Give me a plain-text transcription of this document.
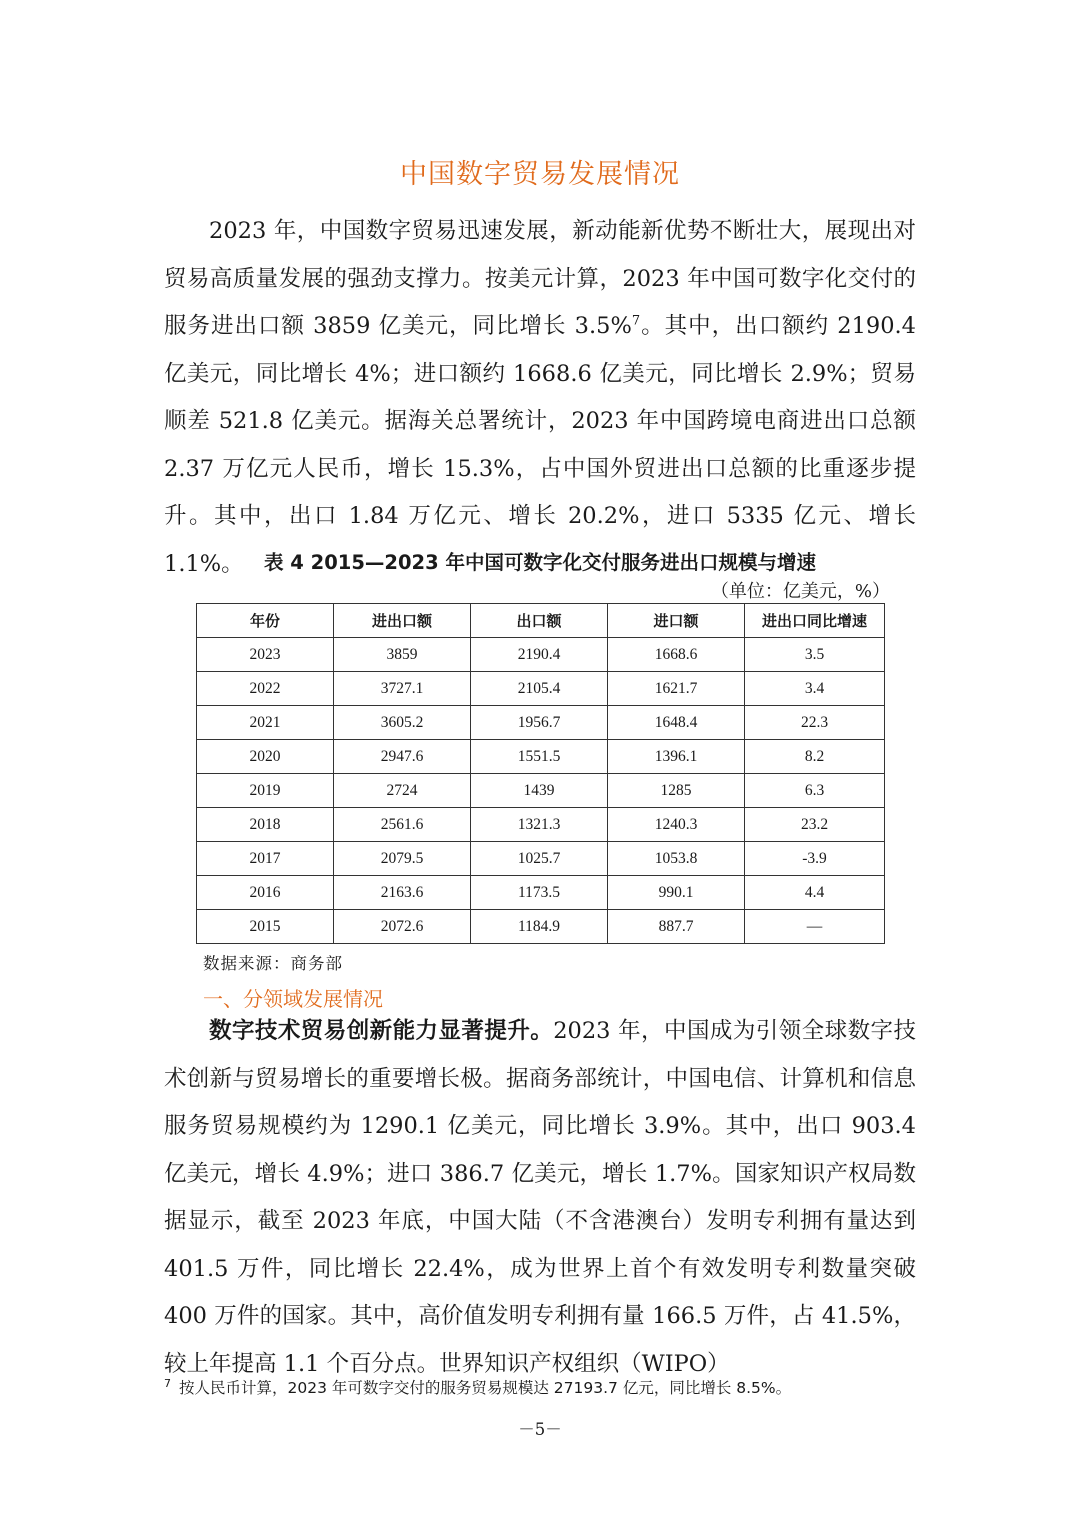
中国数字贸易发展情况

2023 年，中国数字贸易迅速发展，新动能新优势不断壮大，展现出对贸易高质量发展的强劲支撑力。按美元计算，2023 年中国可数字化交付的服务进出口额 3859 亿美元，同比增长 3.5%$^7$。其中，出口额约 2190.4 亿美元，同比增长 4%；进口额约 1668.6 亿美元，同比增长 2.9%；贸易顺差 521.8 亿美元。据海关总署统计，2023 年中国跨境电商进出口总额 2.37 万亿元人民币，增长 15.3%，占中国外贸进出口总额的比重逐步提升。其中，出口 1.84 万亿元、增长 20.2%，进口 5335 亿元、增长 1.1%。	表 4 2015—2023 年中国可数字化交付服务进出口规模与增速
（单位：亿美元，%）
年份	进出口额	出口额	进口额	进出口同比增速
2023	3859	2190.4	1668.6	3.5
2022	3727.1	2105.4	1621.7	3.4
2021	3605.2	1956.7	1648.4	22.3
2020	2947.6	1551.5	1396.1	8.2
2019	2724	1439	1285	6.3
2018	2561.6	1321.3	1240.3	23.2
2017	2079.5	1025.7	1053.8	-3.9
2016	2163.6	1173.5	990.1	4.4
2015	2072.6	1184.9	887.7	—
数据来源：商务部
一、分领域发展情况

数字技术贸易创新能力显著提升。2023 年，中国成为引领全球数字技术创新与贸易增长的重要增长极。据商务部统计，中国电信、计算机和信息服务贸易规模约为 1290.1 亿美元，同比增长 3.9%。其中，出口 903.4 亿美元，增长 4.9%；进口 386.7 亿美元，增长 1.7%。国家知识产权局数据显示，截至 2023 年底，中国大陆（不含港澳台）发明专利拥有量达到 401.5 万件，同比增长 22.4%，成为世界上首个有效发明专利数量突破 400 万件的国家。其中，高价值发明专利拥有量 166.5 万件，占 41.5%，较上年提高 1.1 个百分点。世界知识产权组织（WIPO）

$^7$ 按人民币计算，2023 年可数字交付的服务贸易规模达 27193.7 亿元，同比增长 8.5%。
－5－
